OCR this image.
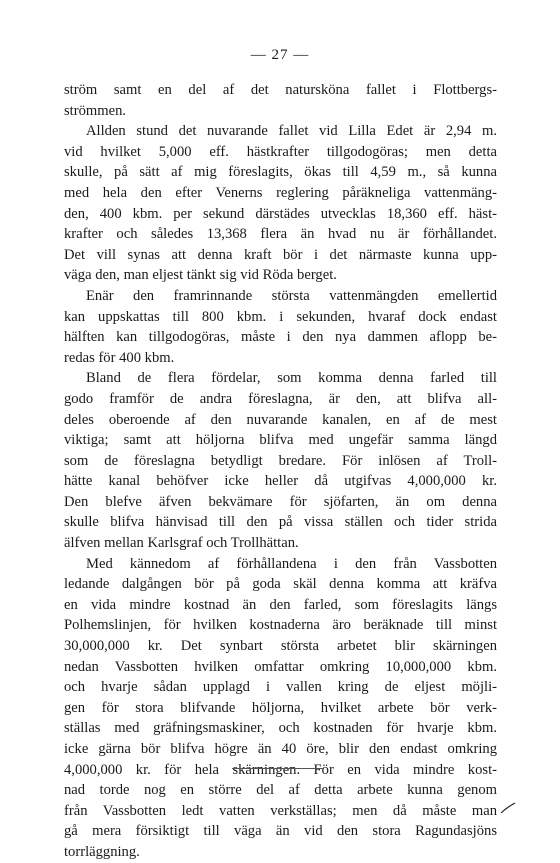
— 27 —
ström samt en del af det natursköna fallet i Flottbergs-
strömmen.
Allden stund det nuvarande fallet vid Lilla Edet är 2,94 m.
vid hvilket 5,000 eff. hästkrafter tillgodogöras; men detta
skulle, på sätt af mig föreslagits, ökas till 4,59 m., så kunna
med hela den efter Venerns reglering påräkneliga vattenmäng-
den, 400 kbm. per sekund därstädes utvecklas 18,360 eff. häst-
krafter och således 13,368 flera än hvad nu är förhållandet.
Det vill synas att denna kraft bör i det närmaste kunna upp-
väga den, man eljest tänkt sig vid Röda berget.
Enär den framrinnande största vattenmängden emellertid
kan uppskattas till 800 kbm. i sekunden, hvaraf dock endast
hälften kan tillgodogöras, måste i den nya dammen aflopp be-
redas för 400 kbm.
Bland de flera fördelar, som komma denna farled till
godo framför de andra föreslagna, är den, att blifva all-
deles oberoende af den nuvarande kanalen, en af de mest
viktiga; samt att höljorna blifva med ungefär samma längd
som de föreslagna betydligt bredare. För inlösen af Troll-
hätte kanal behöfver icke heller då utgifvas 4,000,000 kr.
Den blefve äfven bekvämare för sjöfarten, än om denna
skulle blifva hänvisad till den på vissa ställen och tider strida
älfven mellan Karlsgraf och Trollhättan.
Med kännedom af förhållandena i den från Vassbotten
ledande dalgången bör på goda skäl denna komma att kräfva
en vida mindre kostnad än den farled, som föreslagits längs
Polhemslinjen, för hvilken kostnaderna äro beräknade till minst
30,000,000 kr. Det synbart största arbetet blir skärningen
nedan Vassbotten hvilken omfattar omkring 10,000,000 kbm.
och hvarje sådan upplagd i vallen kring de eljest möjli-
gen för stora blifvande höljorna, hvilket arbete bör verk-
ställas med gräfningsmaskiner, och kostnaden för hvarje kbm.
icke gärna bör blifva högre än 40 öre, blir den endast omkring
4,000,000 kr. för hela skärningen. För en vida mindre kost-
nad torde nog en större del af detta arbete kunna genom
från Vassbotten ledt vatten verkställas; men då måste man
gå mera försiktigt till väga än vid den stora Ragundasjöns
torrläggning.
